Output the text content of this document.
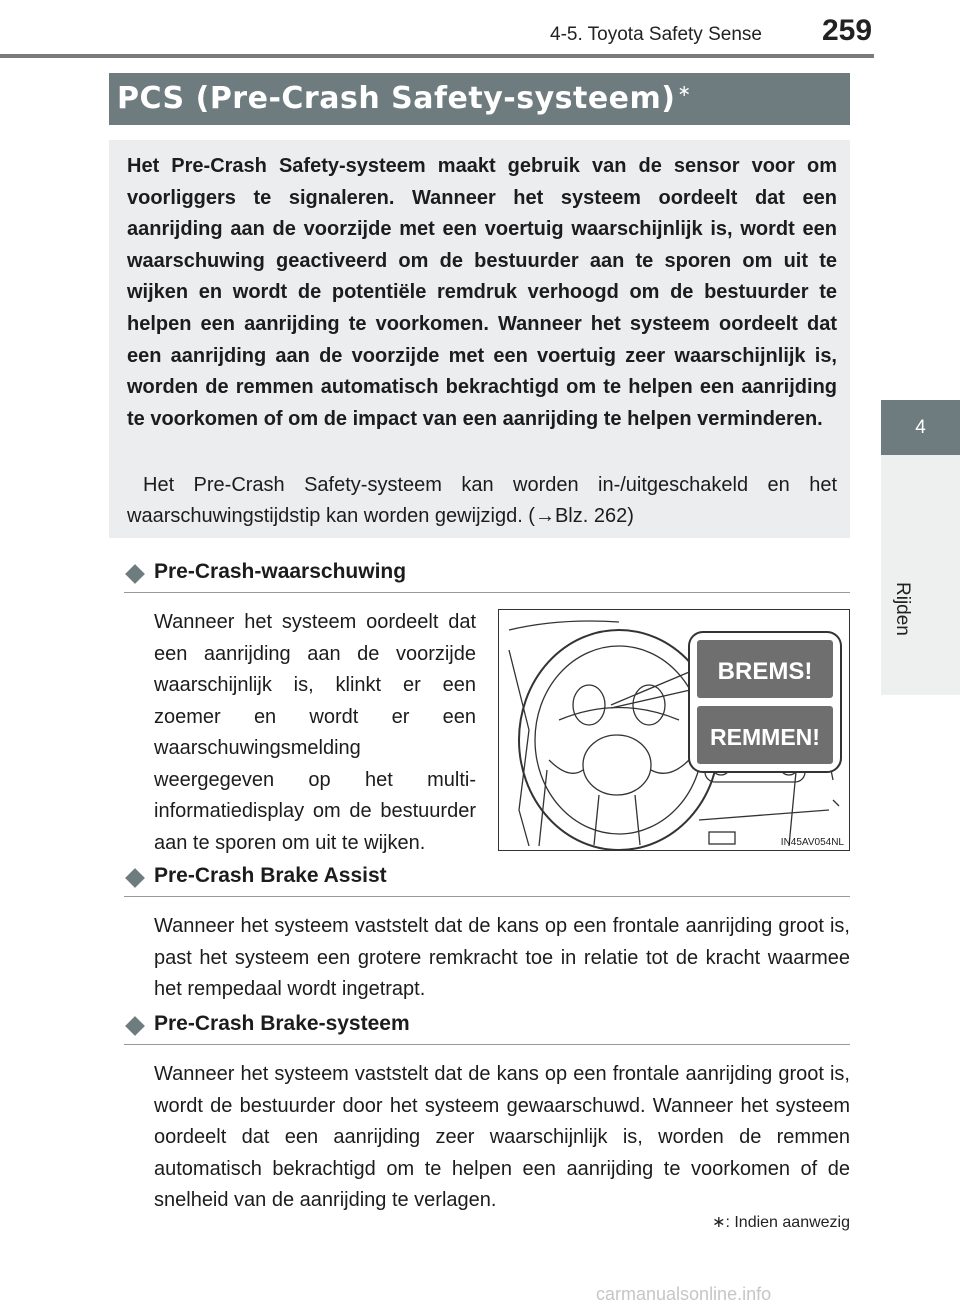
4-5. Toyota Safety Sense 259
4
Rijden
PCS (Pre-Crash Safety-systeem) ∗
Het Pre-Crash Safety-systeem maakt gebruik van de sensor voor om voorliggers te signaleren. Wanneer het systeem oordeelt dat een aanrijding aan de voorzijde met een voertuig waarschijnlijk is, wordt een waarschuwing geactiveerd om de bestuurder aan te sporen om uit te wijken en wordt de potentiële remdruk verhoogd om de bestuurder te helpen een aanrijding te voorkomen. Wanneer het systeem oordeelt dat een aanrijding aan de voorzijde met een voertuig zeer waarschijnlijk is, worden de remmen automatisch bekrachtigd om te helpen een aanrijding te voorkomen of om de impact van een aanrijding te helpen verminderen.
Het Pre-Crash Safety-systeem kan worden in-/uitgeschakeld en het waarschuwingstijdstip kan worden gewijzigd. (→Blz. 262)
Pre-Crash-waarschuwing
Wanneer het systeem oordeelt dat een aanrijding aan de voorzijde waarschijnlijk is, klinkt er een zoemer en wordt er een waarschuwingsmelding weergegeven op het multi-informatiedisplay om de bestuurder aan te sporen om uit te wijken.
BREMS!
REMMEN!
IN45AV054NL
Pre-Crash Brake Assist
Wanneer het systeem vaststelt dat de kans op een frontale aanrijding groot is, past het systeem een grotere remkracht toe in relatie tot de kracht waarmee het rempedaal wordt ingetrapt.
Pre-Crash Brake-systeem
Wanneer het systeem vaststelt dat de kans op een frontale aanrijding groot is, wordt de bestuurder door het systeem gewaarschuwd. Wanneer het systeem oordeelt dat een aanrijding zeer waarschijnlijk is, worden de remmen automatisch bekrachtigd om te helpen een aanrijding te voorkomen of de snelheid van de aanrijding te verlagen.
∗: Indien aanwezig
carmanualsonline.info
